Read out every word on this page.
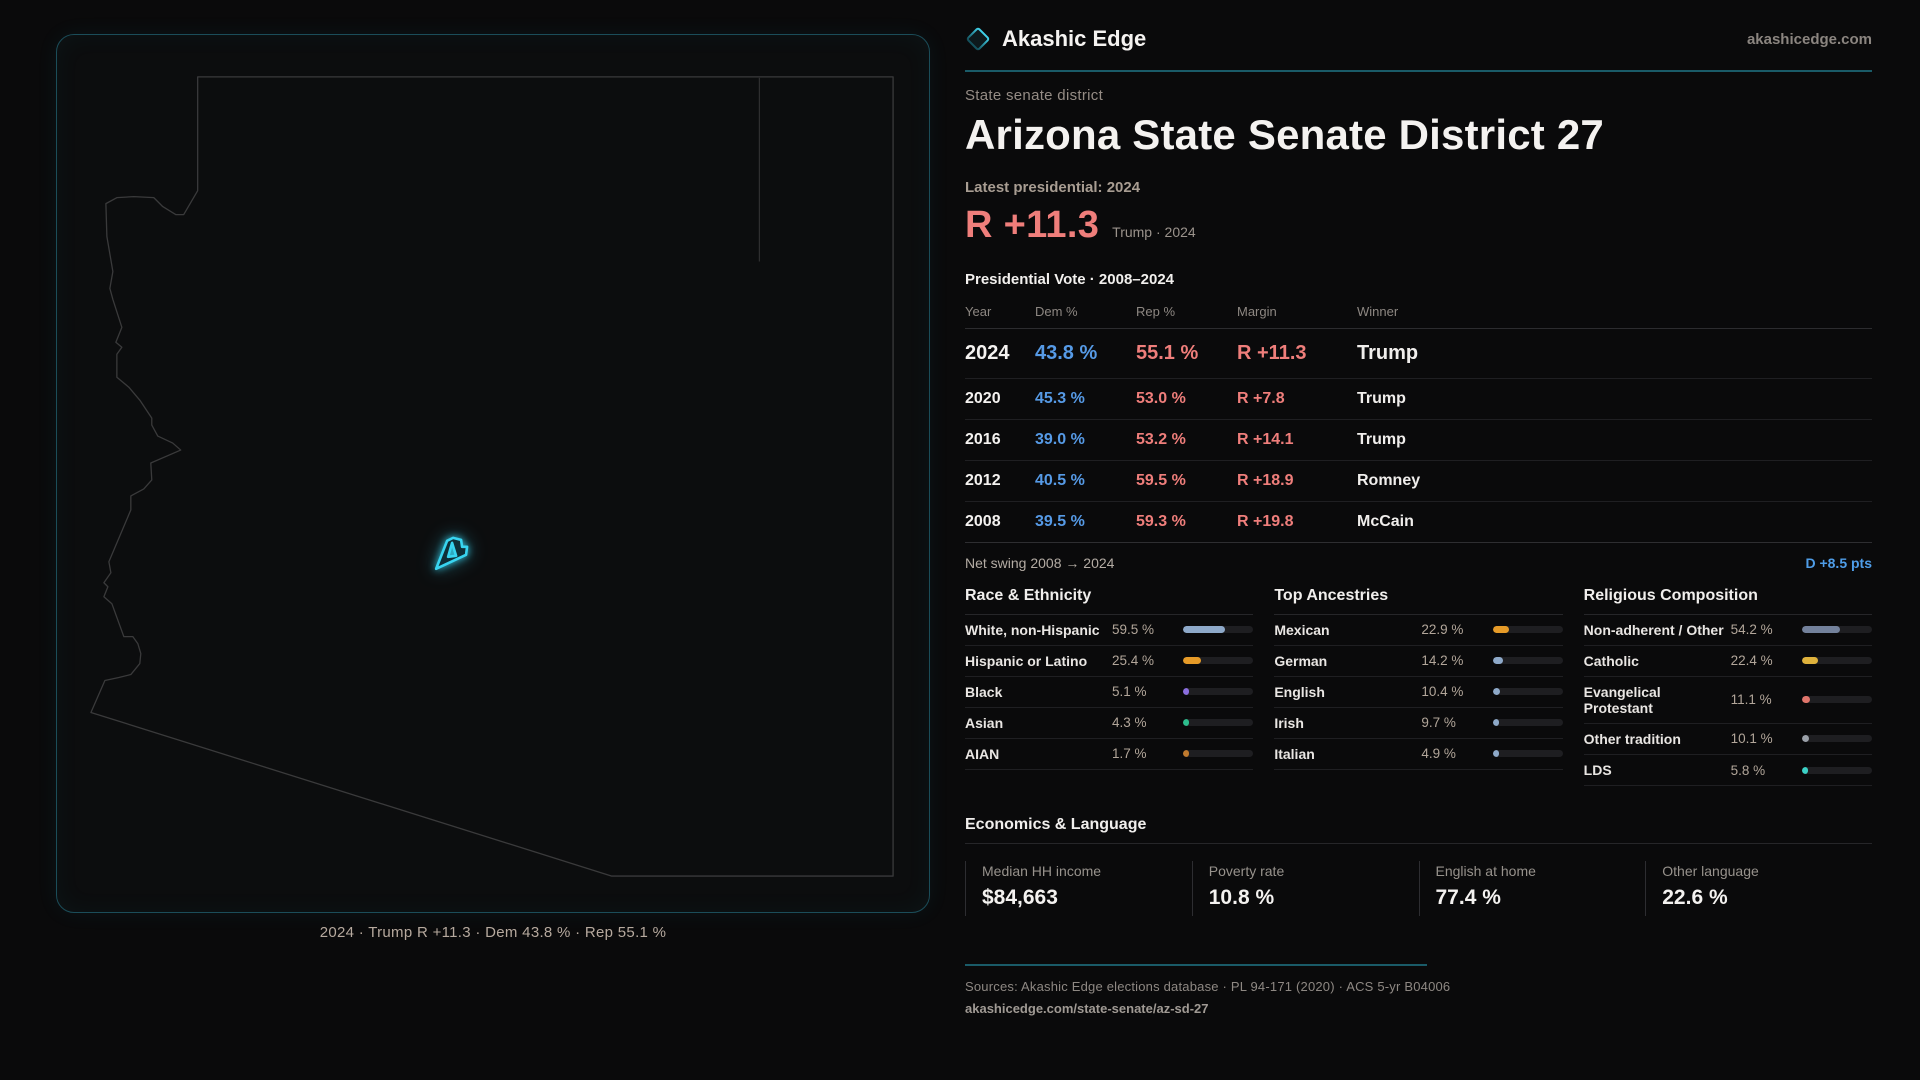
2024 · Trump R +11.3 · Dem 43.8 % · Rep 55.1 %
Akashic Edge	akashicedge.com
State senate district
Arizona State Senate District 27
Latest presidential: 2024
R +11.3 Trump · 2024
Presidential Vote · 2008–2024
Year	Dem %	Rep %	Margin	Winner
2024	43.8 %	55.1 %	R +11.3	Trump
2020	45.3 %	53.0 %	R +7.8	Trump
2016	39.0 %	53.2 %	R +14.1	Trump
2012	40.5 %	59.5 %	R +18.9	Romney
2008	39.5 %	59.3 %	R +19.8	McCain
Net swing 2008 → 2024	D +8.5 pts
Race & Ethnicity
White, non-Hispanic 59.5 %
Hispanic or Latino	25.4 %
Black	5.1 %
Asian	4.3 %
AIAN	1.7 %
Top Ancestries
Mexican	22.9 %
German	14.2 %
English	10.4 %
Irish	9.7 %
Italian	4.9 %
Religious Composition
Non-adherent / Other 54.2 %
Catholic	22.4 %
Evangelical Protestant	11.1 %
Other tradition	10.1 %
LDS	5.8 %
Economics & Language
Median HH income
$84,663
Poverty rate
10.8 %
English at home
77.4 %
Other language
22.6 %
Sources: Akashic Edge elections database · PL 94-171 (2020) · ACS 5-yr B04006
akashicedge.com/state-senate/az-sd-27
